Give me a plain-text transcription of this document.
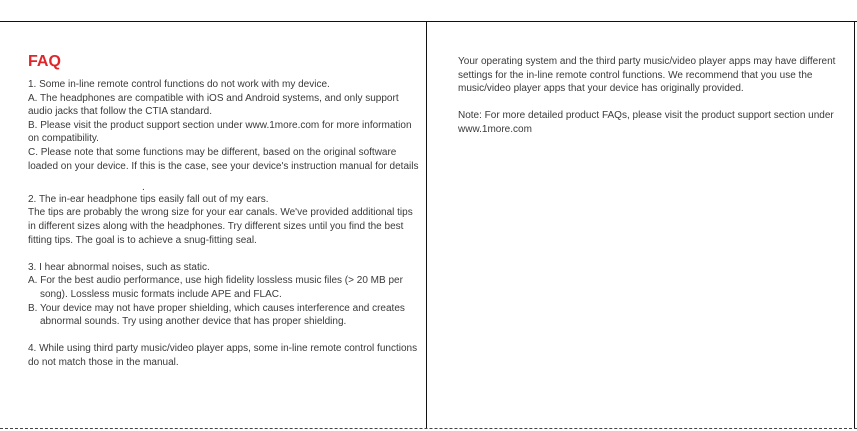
FAQ

1. Some in-line remote control functions do not work with my device.

A. The headphones are compatible with iOS and Android systems, and only support audio jacks that follow the CTIA standard.

B. Please visit the product support section under www.1more.com for more information on compatibility.

C. Please note that some functions may be different, based on the original software loaded on your device. If this is the case, see your device's instruction manual for details

.

2. The in-ear headphone tips easily fall out of my ears.

The tips are probably the wrong size for your ear canals. We've provided additional tips in different sizes along with the headphones. Try different sizes until you find the best fitting tips. The goal is to achieve a snug-fitting seal.

3. I hear abnormal noises, such as static.

A. For the best audio performance, use high fidelity lossless music files (> 20 MB per song). Lossless music formats include APE and FLAC.

B. Your device may not have proper shielding, which causes interference and creates abnormal sounds. Try using another device that has proper shielding.

4. While using third party music/video player apps, some in-line remote control functions do not match those in the manual.

Your operating system and the third party music/video player apps may have different settings for the in-line remote control functions. We recommend that you use the music/video player apps that your device has originally provided.

Note: For more detailed product FAQs, please visit the product support section under www.1more.com
